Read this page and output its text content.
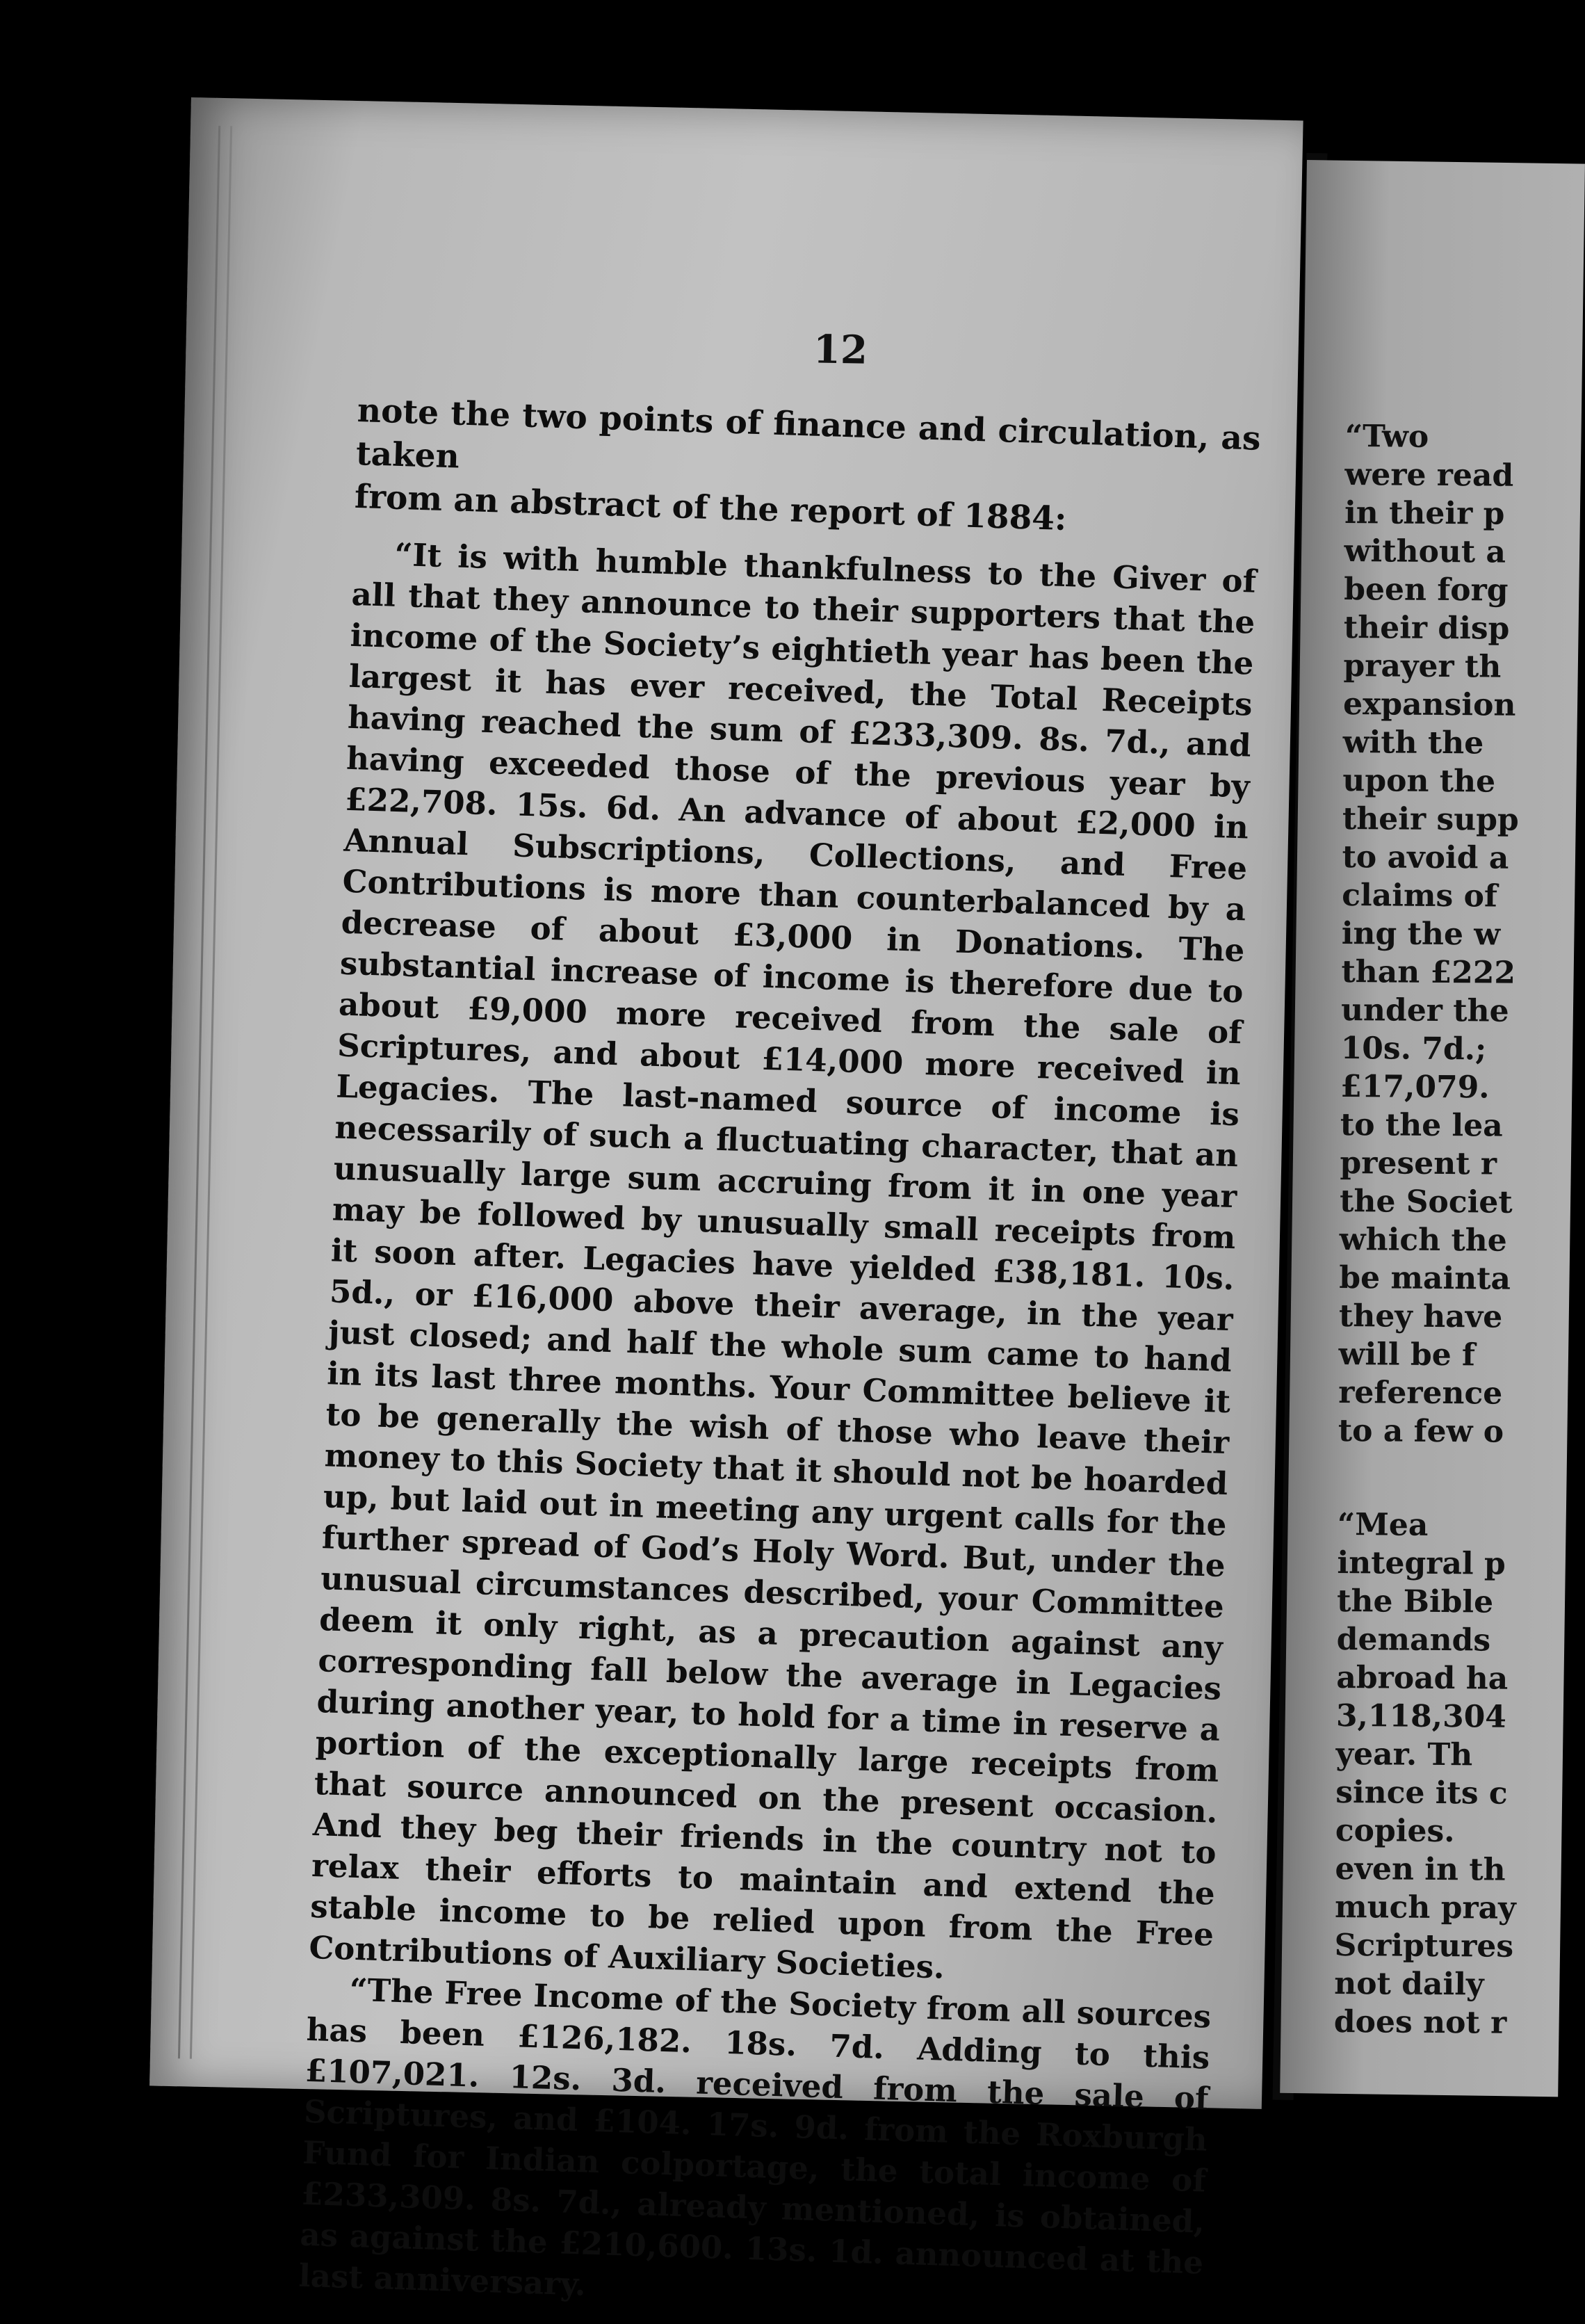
12

note the two points of finance and circulation, as taken
from an abstract of the report of 1884:

“It is with humble thankfulness to the Giver of all that they announce to their supporters that the income of the Society’s eightieth year has been the largest it has ever received, the Total Receipts having reached the sum of £233,309. 8s. 7d., and having exceeded those of the previous year by £22,708. 15s. 6d. An advance of about £2,000 in Annual Subscriptions, Collections, and Free Contributions is more than counterbalanced by a decrease of about £3,000 in Donations. The substantial increase of income is therefore due to about £9,000 more received from the sale of Scriptures, and about £14,000 more received in Legacies. The last-named source of income is necessarily of such a fluctuating character, that an unusually large sum accruing from it in one year may be followed by unusually small receipts from it soon after. Legacies have yielded £38,181. 10s. 5d., or £16,000 above their average, in the year just closed; and half the whole sum came to hand in its last three months. Your Committee believe it to be generally the wish of those who leave their money to this Society that it should not be hoarded up, but laid out in meeting any urgent calls for the further spread of God’s Holy Word. But, under the unusual circumstances described, your Committee deem it only right, as a precaution against any corresponding fall below the average in Legacies during another year, to hold for a time in reserve a portion of the exceptionally large receipts from that source announced on the present occasion. And they beg their friends in the country not to relax their efforts to maintain and extend the stable income to be relied upon from the Free Contributions of Auxiliary Societies.

“The Free Income of the Society from all sources has been £126,182. 18s. 7d. Adding to this £107,021. 12s. 3d. received from the sale of Scriptures, and £104. 17s. 9d. from the Roxburgh Fund for Indian colportage, the total income of £233,309. 8s. 7d., already mentioned, is obtained, as against the £210,600. 13s. 1d. announced at the last anniversary.

“Two
were read
in their p
without a
been forg
their disp
prayer th
expansion
with the
upon the
their supp
to avoid a
claims of
ing the w
than £222
under the
10s. 7d.;
£17,079.
to the lea
present r
the Societ
which the
be mainta
they have
will be f
reference
to a few o
“Mea
integral p
the Bible
demands
abroad ha
3,118,304
year. Th
since its c
copies.
even in th
much pray
Scriptures
not daily
does not r
